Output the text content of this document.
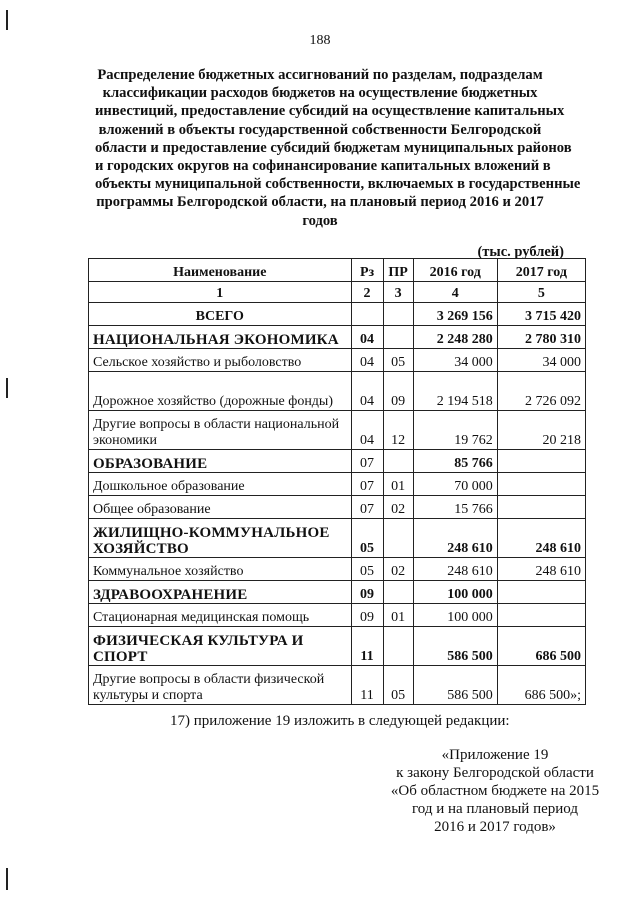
188
Распределение бюджетных ассигнований по разделам, подразделам
классификации расходов бюджетов на осуществление бюджетных
инвестиций, предоставление субсидий на осуществление капитальных
вложений в объекты государственной собственности Белгородской
области и предоставление субсидий бюджетам муниципальных районов
и городских округов на софинансирование капитальных вложений в
объекты муниципальной собственности, включаемых в государственные
программы Белгородской области, на плановый период 2016 и 2017
годов
(тыс. рублей)
Наименование	Рз	ПР	2016 год	2017 год
1	2	3	4	5
ВСЕГО			3 269 156	3 715 420
НАЦИОНАЛЬНАЯ ЭКОНОМИКА	04		2 248 280	2 780 310
Сельское хозяйство и рыболовство	04	05	34 000	34 000
Дорожное хозяйство (дорожные фонды)	04	09	2 194 518	2 726 092
Другие вопросы в области национальной экономики	04	12	19 762	20 218
ОБРАЗОВАНИЕ	07		85 766	
Дошкольное образование	07	01	70 000	
Общее образование	07	02	15 766	
ЖИЛИЩНО-КОММУНАЛЬНОЕ ХОЗЯЙСТВО	05		248 610	248 610
Коммунальное хозяйство	05	02	248 610	248 610
ЗДРАВООХРАНЕНИЕ	09		100 000	
Стационарная медицинская помощь	09	01	100 000	
ФИЗИЧЕСКАЯ КУЛЬТУРА И СПОРТ	11		586 500	686 500
Другие вопросы в области физической культуры и спорта	11	05	586 500	686 500»;
17) приложение 19 изложить в следующей редакции:
«Приложение 19
к закону Белгородской области
«Об областном бюджете на 2015
год и на плановый период
2016 и 2017 годов»
